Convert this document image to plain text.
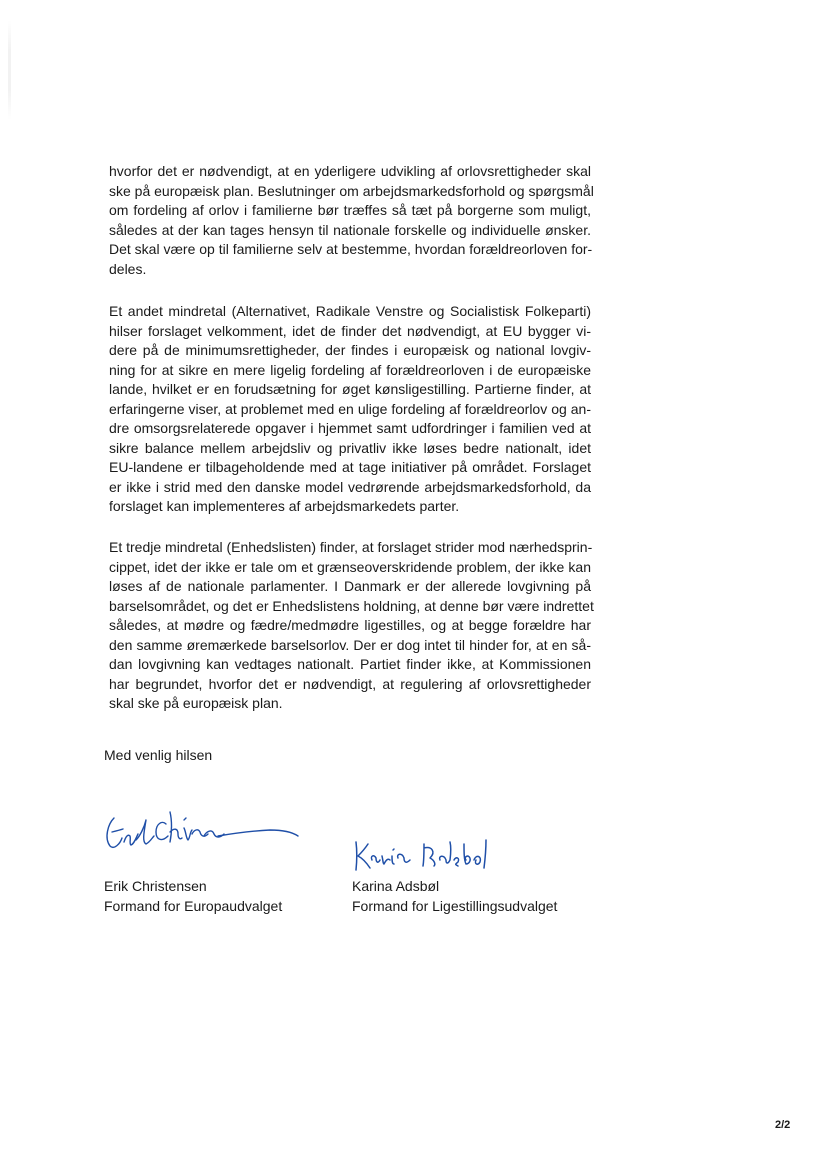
hvorfor det er nødvendigt, at en yderligere udvikling af orlovsrettigheder skal
ske på europæisk plan. Beslutninger om arbejdsmarkedsforhold og spørgsmål
om fordeling af orlov i familierne bør træffes så tæt på borgerne som muligt,
således at der kan tages hensyn til nationale forskelle og individuelle ønsker.
Det skal være op til familierne selv at bestemme, hvordan forældreorloven for-
deles.
Et andet mindretal (Alternativet, Radikale Venstre og Socialistisk Folkeparti)
hilser forslaget velkomment, idet de finder det nødvendigt, at EU bygger vi-
dere på de minimumsrettigheder, der findes i europæisk og national lovgiv-
ning for at sikre en mere ligelig fordeling af forældreorloven i de europæiske
lande, hvilket er en forudsætning for øget kønsligestilling. Partierne finder, at
erfaringerne viser, at problemet med en ulige fordeling af forældreorlov og an-
dre omsorgsrelaterede opgaver i hjemmet samt udfordringer i familien ved at
sikre balance mellem arbejdsliv og privatliv ikke løses bedre nationalt, idet
EU-landene er tilbageholdende med at tage initiativer på området. Forslaget
er ikke i strid med den danske model vedrørende arbejdsmarkedsforhold, da
forslaget kan implementeres af arbejdsmarkedets parter.
Et tredje mindretal (Enhedslisten) finder, at forslaget strider mod nærhedsprin-
cippet, idet der ikke er tale om et grænseoverskridende problem, der ikke kan
løses af de nationale parlamenter. I Danmark er der allerede lovgivning på
barselsområdet, og det er Enhedslistens holdning, at denne bør være indrettet
således, at mødre og fædre/medmødre ligestilles, og at begge forældre har
den samme øremærkede barselsorlov. Der er dog intet til hinder for, at en så-
dan lovgivning kan vedtages nationalt. Partiet finder ikke, at Kommissionen
har begrundet, hvorfor det er nødvendigt, at regulering af orlovsrettigheder
skal ske på europæisk plan.
Med venlig hilsen
Erik Christensen
Formand for Europaudvalget
Karina Adsbøl
Formand for Ligestillingsudvalget
2/2
